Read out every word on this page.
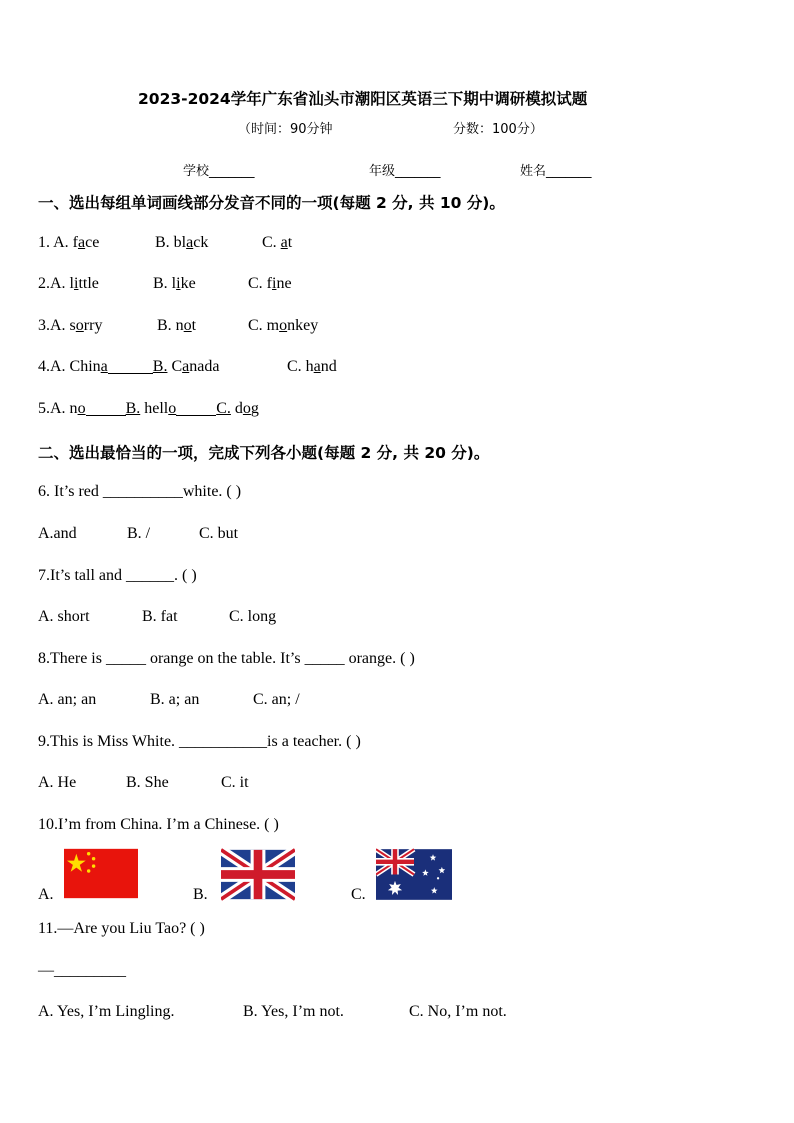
2023-2024学年广东省汕头市潮阳区英语三下期中调研模拟试题
（时间：90分钟	分数：100分）
学校_______	年级_______	姓名_______
一、选出每组单词画线部分发音不同的一项(每题 2 分, 共 10 分)。
1. A. face	B. black	C. at
2.A. little	B. like	C. fine
3.A. sorry	B. not	C. monkey
4.A. China	B. Canada	C. hand
5.A. no	B. hello	C. dog
二、选出最恰当的一项，完成下列各小题(每题 2 分, 共 20 分)。
6. It’s red __________white. ( )
A.and	B. /	C. but
7.It’s tall and ______. ( )
A. short	B. fat	C. long
8.There is _____ orange on the table. It’s _____ orange. ( )
A. an; an	B. a; an	C. an; /
9.This is Miss White. ___________is a teacher. ( )
A. He	B. She	C. it
10.I’m from China. I’m a Chinese. ( )
A.	B.	C.
11.—Are you Liu Tao? ( )
—_________
A. Yes, I’m Lingling.	B. Yes, I’m not.	C. No, I’m not.
